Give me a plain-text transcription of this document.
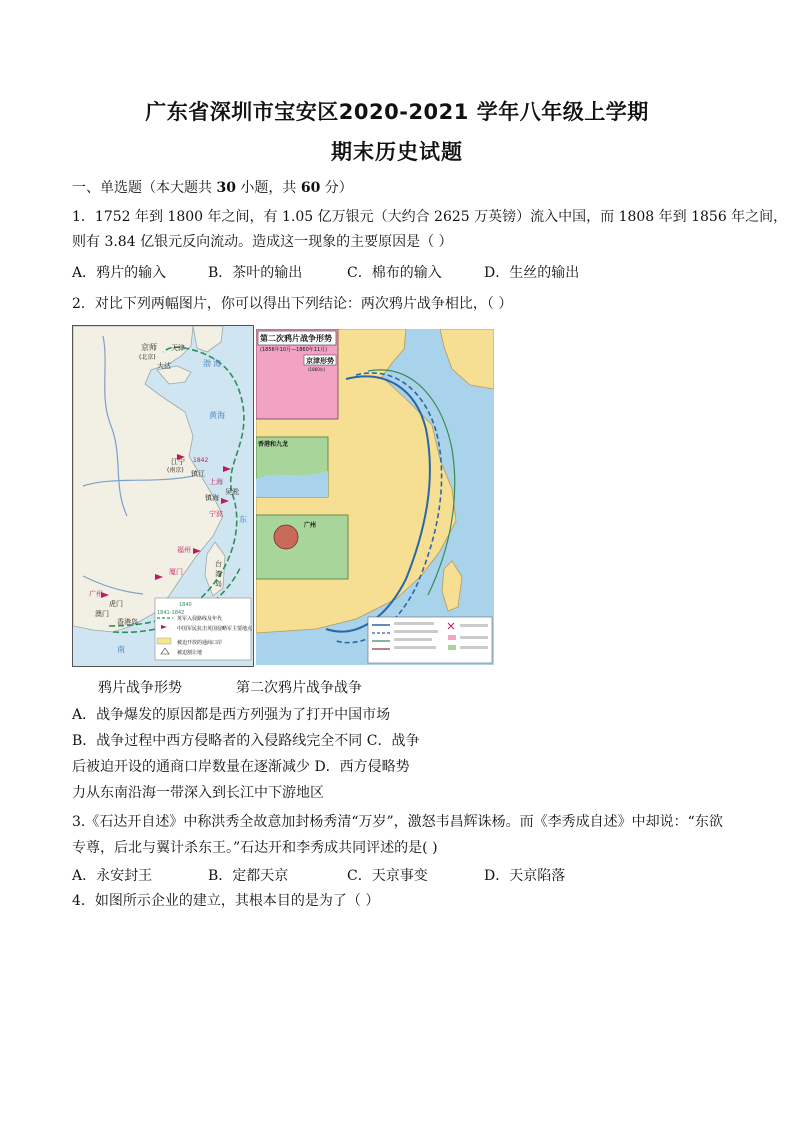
广东省深圳市宝安区2020-2021 学年八年级上学期
期末历史试题
一、单选题（本大题共 30 小题，共 60 分）
1．1752 年到 1800 年之间，有 1.05 亿万银元（大约合 2625 万英镑）流入中国，而 1808 年到 1856 年之间，
则有 3.84 亿银元反向流动。造成这一现象的主要原因是（ ）
A．鸦片的输入	B．茶叶的输出	C．棉布的输入	D．生丝的输出
2．对比下列两幅图片，你可以得出下列结论：两次鸦片战争相比，（ ）
京师
(北京)
天津
大沽	渤 海
黄海
江宁
(南京)
1842
镇江
上海
吴淞
镇海
宁波
东
福州
厦门
台
湾
岛
广州
虎门
澳门
香港岛
南
1840
1841-1842
英军入侵路线及年代
中国军民抗击英国侵略军主要地点
被迫开放的通商口岸
被迫割让地
第二次鸦片战争形势
(1856年10月—1860年11月)
京津形势
(1860年)
香港和九龙
广州
鸦片战争形势	第二次鸦片战争战争
A．战争爆发的原因都是西方列强为了打开中国市场
B．战争过程中西方侵略者的入侵路线完全不同 C．战争
后被迫开设的通商口岸数量在逐渐减少 D．西方侵略势
力从东南沿海一带深入到长江中下游地区
3.《石达开自述》中称洪秀全故意加封杨秀清“万岁”，激怒韦昌辉诛杨。而《李秀成自述》中却说：“东欲
专尊，后北与翼计杀东王。”石达开和李秀成共同评述的是( )
A．永安封王	B．定都天京	C．天京事变	D．天京陷落
4．如图所示企业的建立，其根本目的是为了（ ）
